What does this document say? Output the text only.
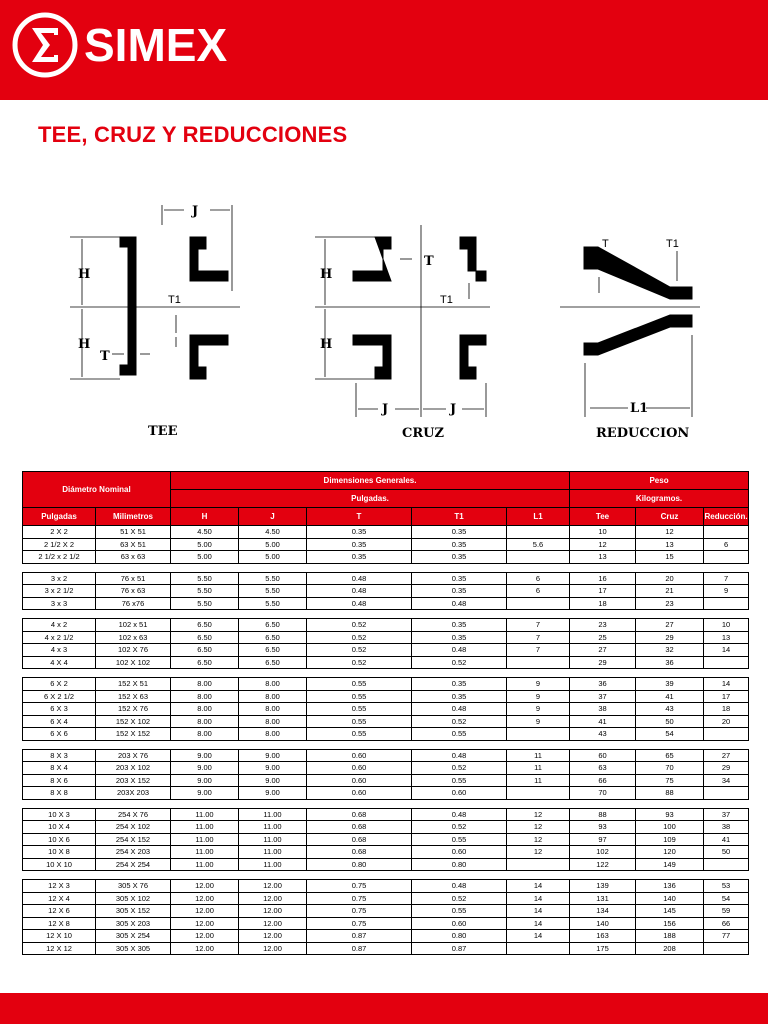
SIMEX
TEE, CRUZ Y REDUCCIONES
H
H
J
T
T1
TEE
H
H
J	J
T
T1
CRUZ
T	T1
L1
REDUCCION
Diámetro Nominal		Dimensiones Generales.					Peso		
		Pulgadas.					Kilogramos.		
Pulgadas	Milimetros	H	J	T	T1	L1	Tee	Cruz	Reducción.
2 X 2	51 X 51	4.50	4.50	0.35	0.35		10	12	
2 1/2 X 2	63 X 51	5.00	5.00	0.35	0.35	5.6	12	13	6
2 1/2 x 2 1/2	63 x 63	5.00	5.00	0.35	0.35		13	15	

3 x 2	76 x 51	5.50	5.50	0.48	0.35	6	16	20	7
3 x 2 1/2	76 x 63	5.50	5.50	0.48	0.35	6	17	21	9
3 x 3	76 x76	5.50	5.50	0.48	0.48		18	23	

4 x 2	102 x 51	6.50	6.50	0.52	0.35	7	23	27	10
4 x 2 1/2	102 x 63	6.50	6.50	0.52	0.35	7	25	29	13
4 x 3	102 X 76	6.50	6.50	0.52	0.48	7	27	32	14
4 X 4	102 X 102	6.50	6.50	0.52	0.52		29	36	

6 X 2	152 X 51	8.00	8.00	0.55	0.35	9	36	39	14
6 X 2 1/2	152 X 63	8.00	8.00	0.55	0.35	9	37	41	17
6 X 3	152 X 76	8.00	8.00	0.55	0.48	9	38	43	18
6 X 4	152 X 102	8.00	8.00	0.55	0.52	9	41	50	20
6 X 6	152 X 152	8.00	8.00	0.55	0.55		43	54	

8 X 3	203 X 76	9.00	9.00	0.60	0.48	11	60	65	27
8 X 4	203 X 102	9.00	9.00	0.60	0.52	11	63	70	29
8 X 6	203 X 152	9.00	9.00	0.60	0.55	11	66	75	34
8 X 8	203X 203	9.00	9.00	0.60	0.60		70	88	

10 X 3	254 X 76	11.00	11.00	0.68	0.48	12	88	93	37
10 X 4	254 X 102	11.00	11.00	0.68	0.52	12	93	100	38
10 X 6	254 X 152	11.00	11.00	0.68	0.55	12	97	109	41
10 X 8	254 X 203	11.00	11.00	0.68	0.60	12	102	120	50
10 X 10	254 X 254	11.00	11.00	0.80	0.80		122	149	

12 X 3	305 X 76	12.00	12.00	0.75	0.48	14	139	136	53
12 X 4	305 X 102	12.00	12.00	0.75	0.52	14	131	140	54
12 X 6	305 X 152	12.00	12.00	0.75	0.55	14	134	145	59
12 X 8	305 X 203	12.00	12.00	0.75	0.60	14	140	156	66
12 X 10	305 X 254	12.00	12.00	0.87	0.80	14	163	188	77
12 X 12	305 X 305	12.00	12.00	0.87	0.87		175	208	
